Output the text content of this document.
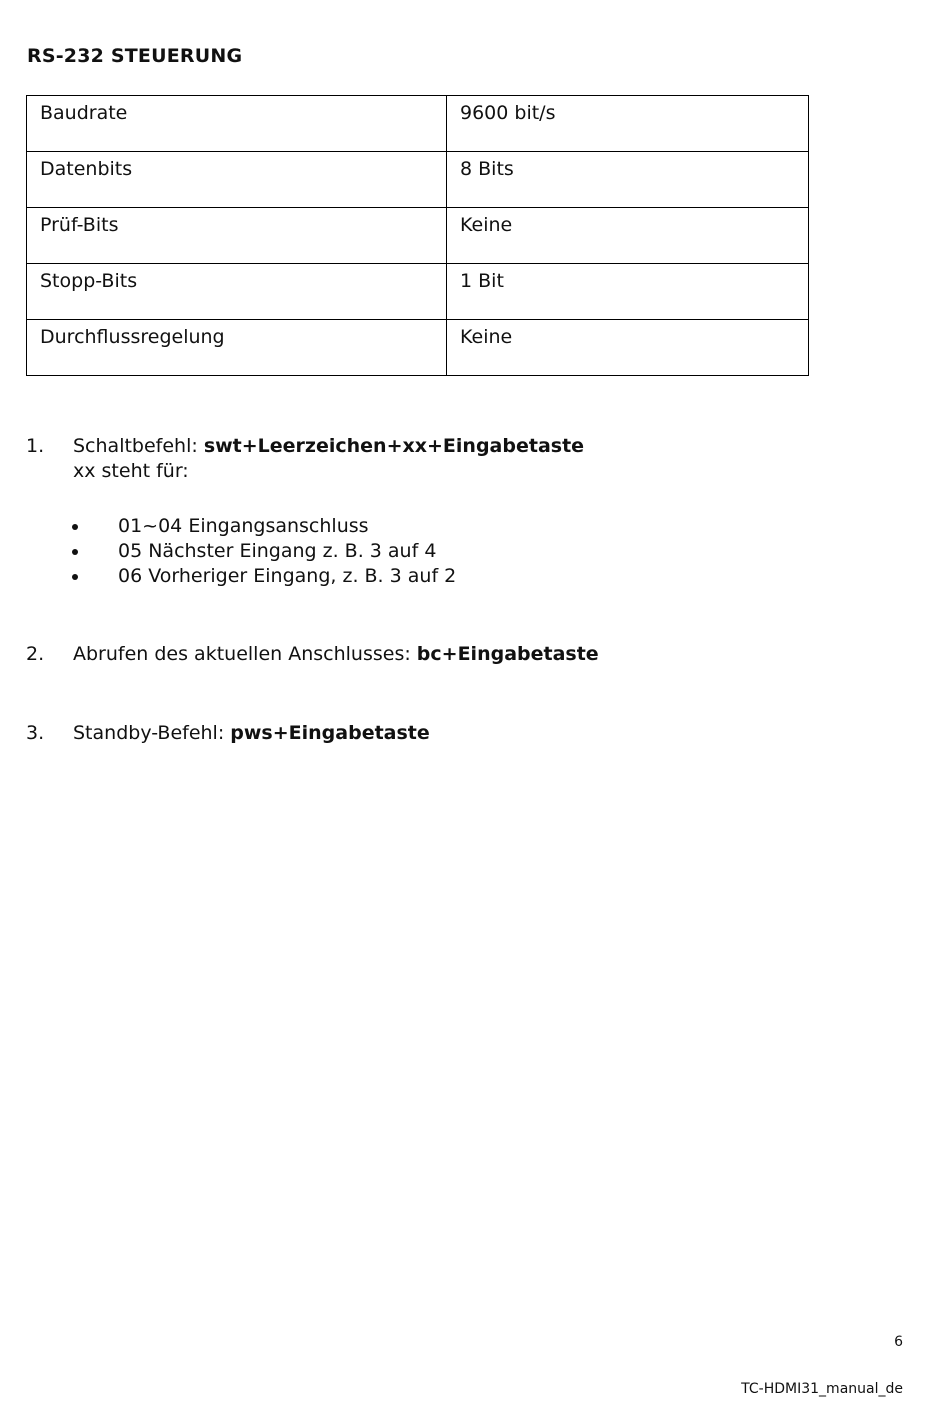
RS-232 STEUERUNG
Baudrate	9600 bit/s
Datenbits	8 Bits
Prüf-Bits	Keine
Stopp-Bits	1 Bit
Durchflussregelung	Keine
1.	Schaltbefehl: swt+Leerzeichen+xx+Eingabetaste
xx steht für:
01~04 Eingangsanschluss
05 Nächster Eingang z. B. 3 auf 4
06 Vorheriger Eingang, z. B. 3 auf 2
2.	Abrufen des aktuellen Anschlusses: bc+Eingabetaste
3.	Standby-Befehl: pws+Eingabetaste
6
TC-HDMI31_manual_de
